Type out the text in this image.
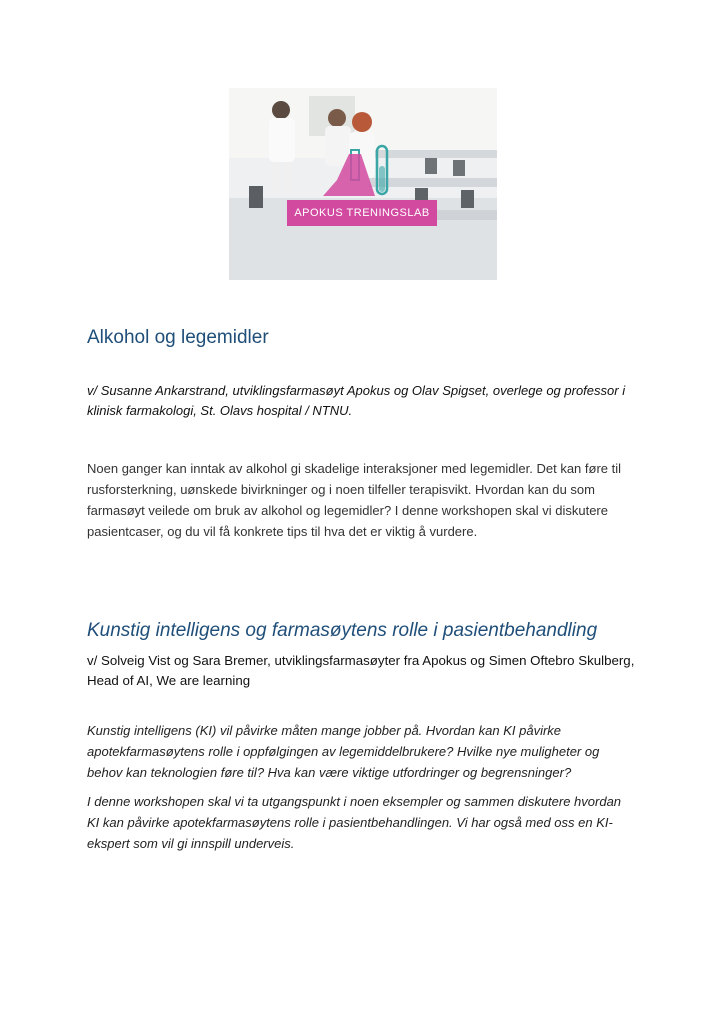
APOKUS TRENINGSLAB
Alkohol og legemidler

v/ Susanne Ankarstrand, utviklingsfarmasøyt Apokus og Olav Spigset, overlege og professor i klinisk farmakologi, St. Olavs hospital / NTNU.

Noen ganger kan inntak av alkohol gi skadelige interaksjoner med legemidler. Det kan føre til rusforsterkning, uønskede bivirkninger og i noen tilfeller terapisvikt. Hvordan kan du som farmasøyt veilede om bruk av alkohol og legemidler? I denne workshopen skal vi diskutere pasientcaser, og du vil få konkrete tips til hva det er viktig å vurdere.

Kunstig intelligens og farmasøytens rolle i pasientbehandling

v/ Solveig Vist og Sara Bremer, utviklingsfarmasøyter fra Apokus og Simen Oftebro Skulberg, Head of AI, We are learning

Kunstig intelligens (KI) vil påvirke måten mange jobber på. Hvordan kan KI påvirke apotekfarmasøytens rolle i oppfølgingen av legemiddelbrukere? Hvilke nye muligheter og behov kan teknologien føre til? Hva kan være viktige utfordringer og begrensninger?

I denne workshopen skal vi ta utgangspunkt i noen eksempler og sammen diskutere hvordan KI kan påvirke apotekfarmasøytens rolle i pasientbehandlingen. Vi har også med oss en KI-ekspert som vil gi innspill underveis.
